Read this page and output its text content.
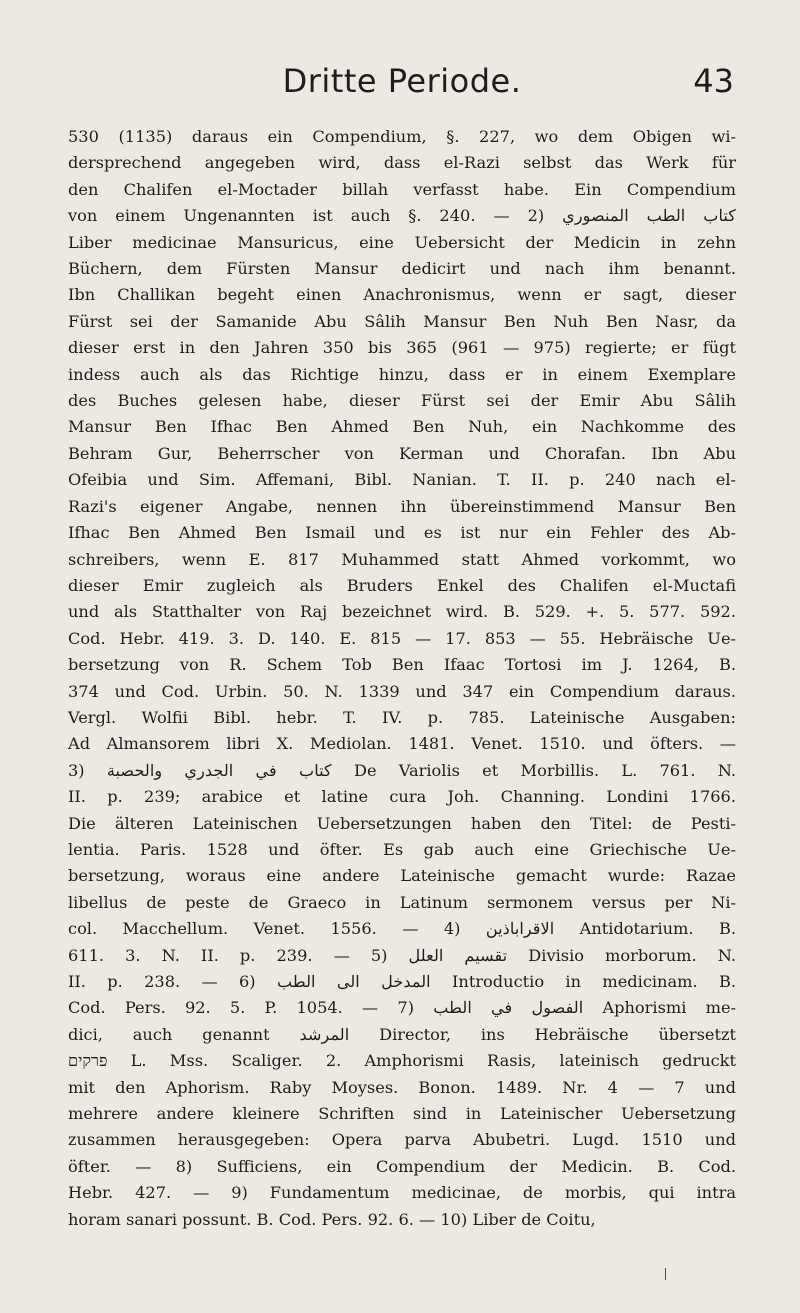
Dritte Periode.	43

530 (1135) daraus ein Compendium, §. 227, wo dem Obigen wi-
dersprechend angegeben wird, dass el-Razi selbst das Werk für
den Chalifen el-Moctader billah verfasst habe. Ein Compendium
von einem Ungenannten ist auch §. 240. — 2) كتاب الطب المنصوري
Liber medicinae Mansuricus, eine Uebersicht der Medicin in zehn
Büchern, dem Fürsten Mansur dedicirt und nach ihm benannt.
Ibn Challikan begeht einen Anachronismus, wenn er sagt, dieser
Fürst sei der Samanide Abu Sâlih Mansur Ben Nuh Ben Nasr, da
dieser erst in den Jahren 350 bis 365 (961 — 975) regierte; er fügt
indess auch als das Richtige hinzu, dass er in einem Exemplare
des Buches gelesen habe, dieser Fürst sei der Emir Abu Sâlih
Mansur Ben Ifhac Ben Ahmed Ben Nuh, ein Nachkomme des
Behram Gur, Beherrscher von Kerman und Chorafan. Ibn Abu
Ofeibia und Sim. Affemani, Bibl. Nanian. T. II. p. 240 nach el-
Razi's eigener Angabe, nennen ihn übereinstimmend Mansur Ben
Ifhac Ben Ahmed Ben Ismail und es ist nur ein Fehler des Ab-
schreibers, wenn E. 817 Muhammed statt Ahmed vorkommt, wo
dieser Emir zugleich als Bruders Enkel des Chalifen el-Muctafi
und als Statthalter von Raj bezeichnet wird. B. 529. +. 5. 577. 592.
Cod. Hebr. 419. 3. D. 140. E. 815 — 17. 853 — 55. Hebräische Ue-
bersetzung von R. Schem Tob Ben Ifaac Tortosi im J. 1264, B.
374 und Cod. Urbin. 50. N. 1339 und 347 ein Compendium daraus.
Vergl. Wolfii Bibl. hebr. T. IV. p. 785. Lateinische Ausgaben:
Ad Almansorem libri X. Mediolan. 1481. Venet. 1510. und öfters. —
3) كتاب في الجدري والحصبة De Variolis et Morbillis. L. 761. N.
II. p. 239; arabice et latine cura Joh. Channing. Londini 1766.
Die älteren Lateinischen Uebersetzungen haben den Titel: de Pesti-
lentia. Paris. 1528 und öfter. Es gab auch eine Griechische Ue-
bersetzung, woraus eine andere Lateinische gemacht wurde: Razae
libellus de peste de Graeco in Latinum sermonem versus per Ni-
col. Macchellum. Venet. 1556. — 4) الاقراباذين Antidotarium. B.
611. 3. N. II. p. 239. — 5) تقسيم العلل Divisio morborum. N.
II. p. 238. — 6) المدخل الى الطب Introductio in medicinam. B.
Cod. Pers. 92. 5. P. 1054. — 7) الفصول في الطب Aphorismi me-
dici, auch genannt المرشد Director, ins Hebräische übersetzt
פרקים L. Mss. Scaliger. 2. Amphorismi Rasis, lateinisch gedruckt
mit den Aphorism. Raby Moyses. Bonon. 1489. Nr. 4 — 7 und
mehrere andere kleinere Schriften sind in Lateinischer Uebersetzung
zusammen herausgegeben: Opera parva Abubetri. Lugd. 1510 und
öfter. — 8) Sufficiens, ein Compendium der Medicin. B. Cod.
Hebr. 427. — 9) Fundamentum medicinae, de morbis, qui intra
horam sanari possunt. B. Cod. Pers. 92. 6. — 10) Liber de Coitu,
